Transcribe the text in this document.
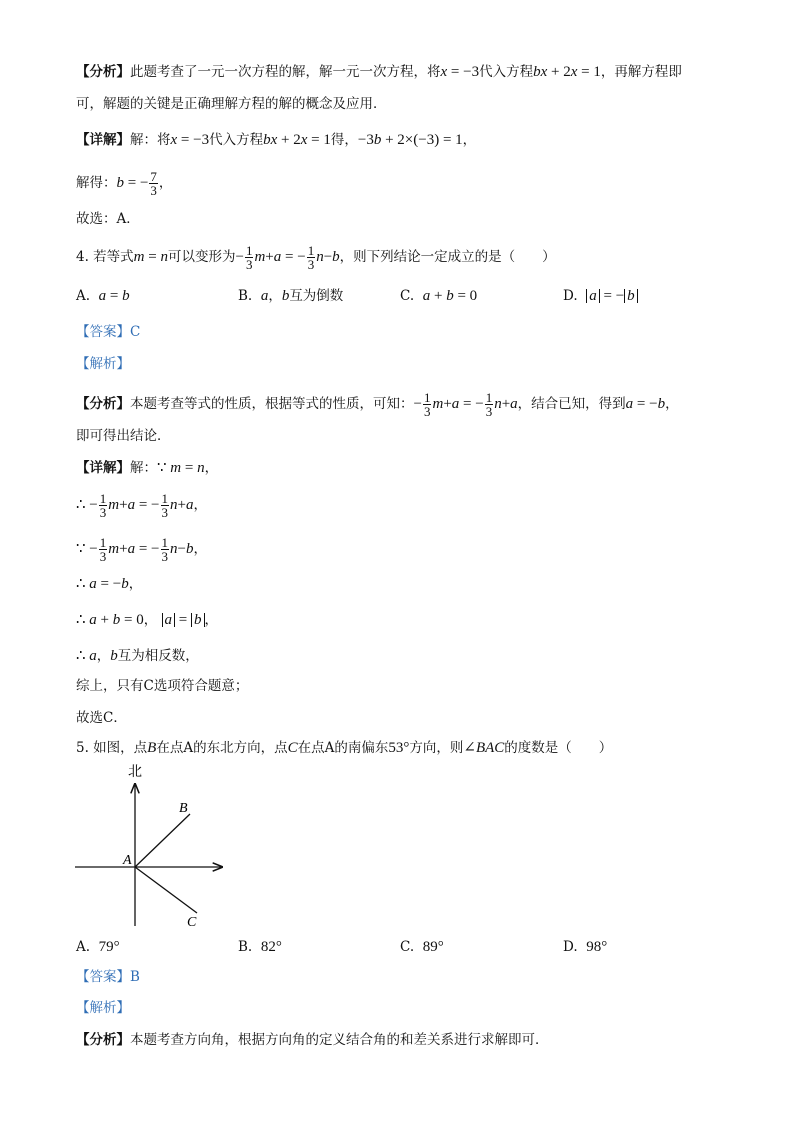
【分析】此题考查了一元一次方程的解，解一元一次方程，将x = −3代入方程bx + 2x = 1，再解方程即
可，解题的关键是正确理解方程的解的概念及应用．
【详解】解：将x = −3代入方程bx + 2x = 1得，−3b + 2×(−3) = 1，
解得：b = − $\frac{7}{3}$ ，
故选：A．
4. 若等式m = n可以变形为− $\frac{1}{3} m+a$ = − $\frac{1}{3} n-b$，则下列结论一定成立的是（　　）
A. a = b	B. a，b互为倒数	C. a + b = 0	D. a = − b
【答案】C
【解析】
【分析】本题考查等式的性质，根据等式的性质，可知：− $\frac{1}{3} m+a$ = − $\frac{1}{3} n+a$，结合已知，得到a = −b，
即可得出结论．
【详解】解：∵ m = n，
∴ − $\frac{1}{3} m+a$ = − $\frac{1}{3} n+a$，
∵ − $\frac{1}{3} m+a$ = − $\frac{1}{3} n-b$，
∴ a = −b，
∴ a + b = 0， a = b ，
∴ a，b互为相反数，
综上，只有C选项符合题意；
故选C．
5. 如图，点B在点A的东北方向，点C在点A的南偏东53°方向，则∠BAC的度数是（　　）
北
A
B
C
A. 79°	B. 82°	C. 89°	D. 98°
【答案】B
【解析】
【分析】本题考查方向角，根据方向角的定义结合角的和差关系进行求解即可．
